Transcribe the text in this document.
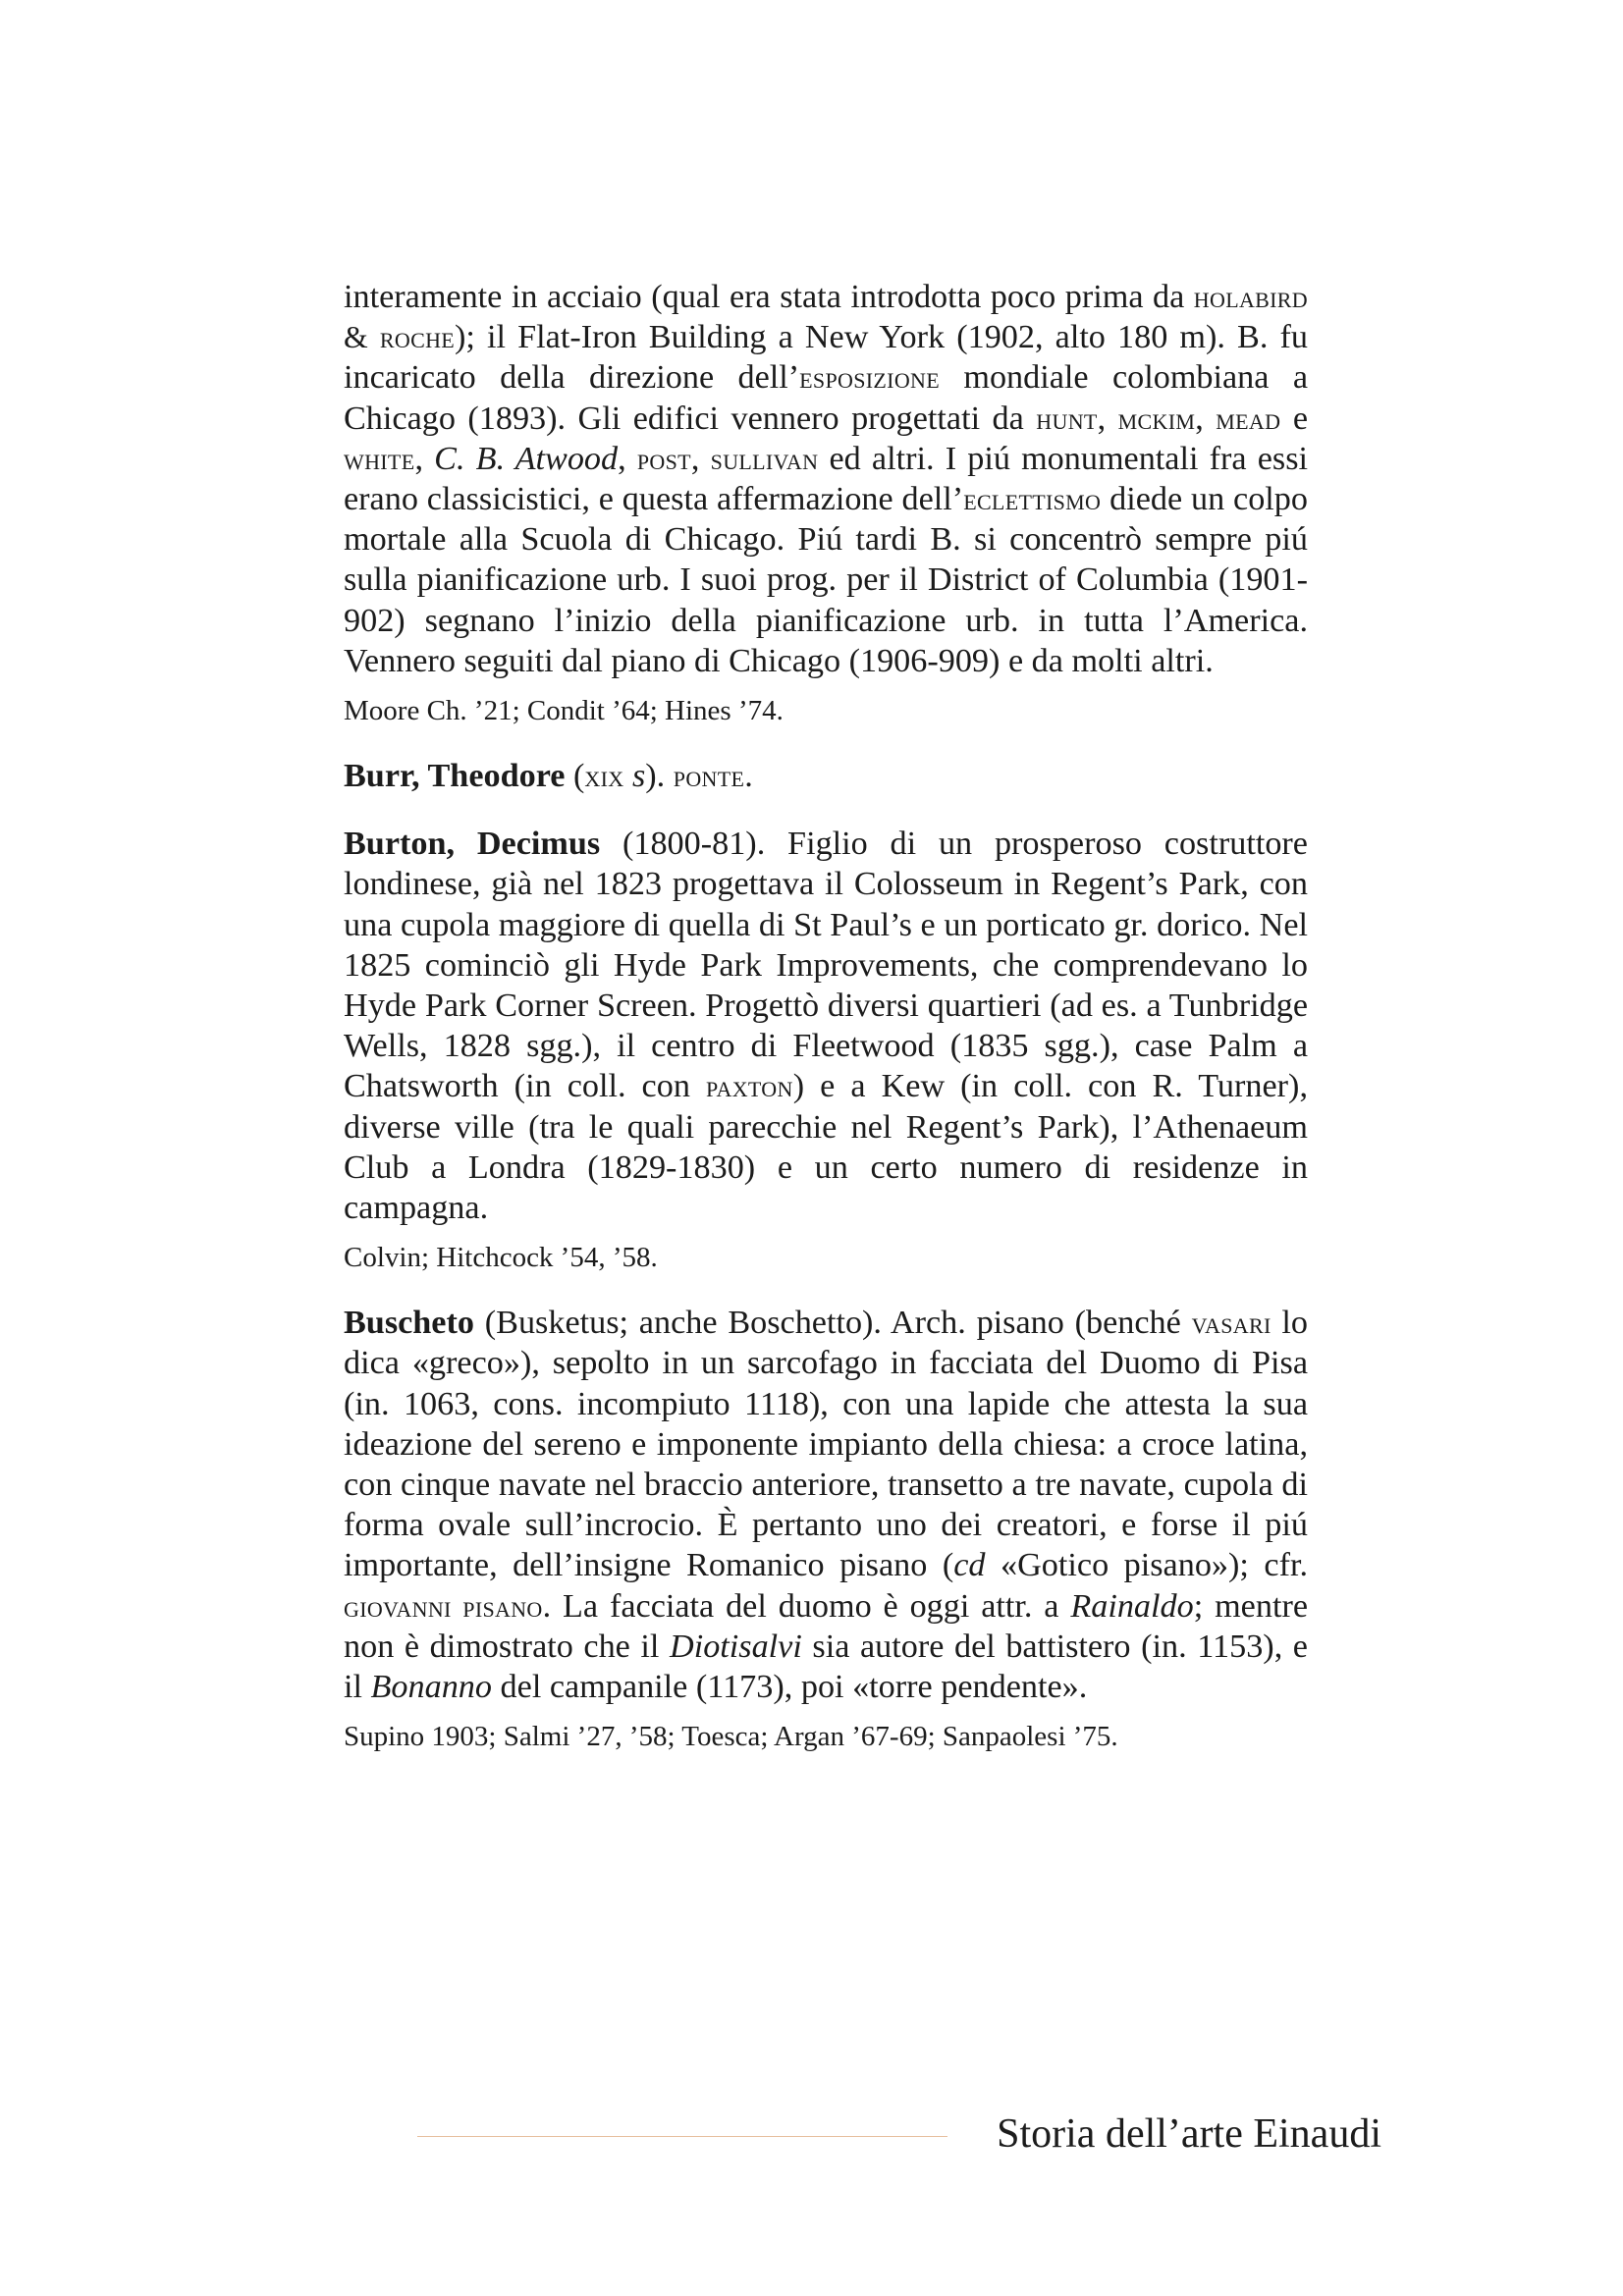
interamente in acciaio (qual era stata introdotta poco prima da holabird & roche); il Flat-Iron Building a New York (1902, alto 180 m). B. fu incaricato della direzione dell’esposizione mondiale colombiana a Chicago (1893). Gli edifici vennero progettati da hunt, mckim, mead e white, C. B. Atwood, post, sullivan ed altri. I piú monumentali fra essi erano classicistici, e questa affermazione dell’eclettismo diede un colpo mortale alla Scuola di Chicago. Piú tardi B. si concentrò sempre piú sulla pianificazione urb. I suoi prog. per il District of Columbia (1901-902) segnano l’inizio della pianificazione urb. in tutta l’America. Vennero seguiti dal piano di Chicago (1906-909) e da molti altri.

Moore Ch. ’21; Condit ’64; Hines ’74.

Burr, Theodore (xix s). ponte.

Burton, Decimus (1800-81). Figlio di un prosperoso costruttore londinese, già nel 1823 progettava il Colosseum in Regent’s Park, con una cupola maggiore di quella di St Paul’s e un porticato gr. dorico. Nel 1825 cominciò gli Hyde Park Improvements, che comprendevano lo Hyde Park Corner Screen. Progettò diversi quartieri (ad es. a Tunbridge Wells, 1828 sgg.), il centro di Fleetwood (1835 sgg.), case Palm a Chatsworth (in coll. con paxton) e a Kew (in coll. con R. Turner), diverse ville (tra le quali parecchie nel Regent’s Park), l’Athenaeum Club a Londra (1829-1830) e un certo numero di residenze in campagna.

Colvin; Hitchcock ’54, ’58.

Buscheto (Busketus; anche Boschetto). Arch. pisano (benché vasari lo dica «greco»), sepolto in un sarcofago in facciata del Duomo di Pisa (in. 1063, cons. incompiuto 1118), con una lapide che attesta la sua ideazione del sereno e imponente impianto della chiesa: a croce latina, con cinque navate nel braccio anteriore, transetto a tre navate, cupola di forma ovale sull’incrocio. È pertanto uno dei creatori, e forse il piú importante, dell’insigne Romanico pisano (cd «Gotico pisano»); cfr. giovanni pisano. La facciata del duomo è oggi attr. a Rainaldo; mentre non è dimostrato che il Diotisalvi sia autore del battistero (in. 1153), e il Bonanno del campanile (1173), poi «torre pendente».

Supino 1903; Salmi ’27, ’58; Toesca; Argan ’67-69; Sanpaolesi ’75.

Storia dell’arte Einaudi
